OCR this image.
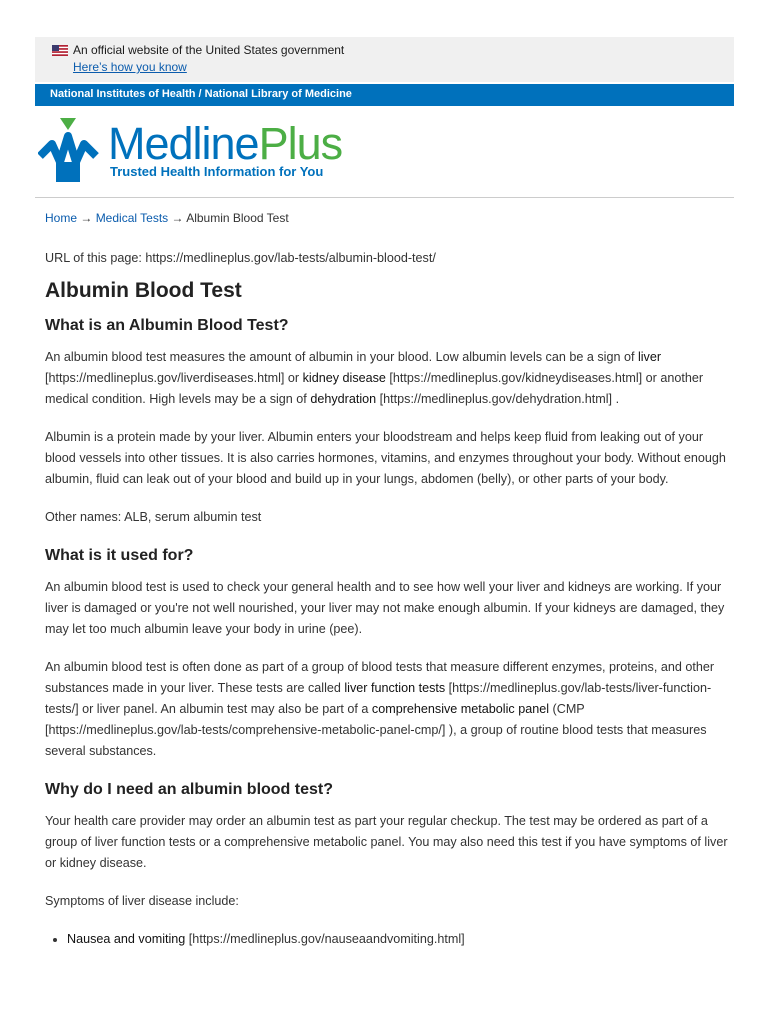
An official website of the United States government
Here’s how you know
National Institutes of Health / National Library of Medicine
MedlinePlus
Trusted Health Information for You
Home → Medical Tests → Albumin Blood Test

URL of this page: https://medlineplus.gov/lab-tests/albumin-blood-test/

Albumin Blood Test
What is an Albumin Blood Test?

An albumin blood test measures the amount of albumin in your blood. Low albumin levels can be a sign of liver [https://medlineplus.gov/liverdiseases.html] or kidney disease [https://medlineplus.gov/kidneydiseases.html] or another medical condition. High levels may be a sign of dehydration [https://medlineplus.gov/dehydration.html] .

Albumin is a protein made by your liver. Albumin enters your bloodstream and helps keep fluid from leaking out of your blood vessels into other tissues. It is also carries hormones, vitamins, and enzymes throughout your body. Without enough albumin, fluid can leak out of your blood and build up in your lungs, abdomen (belly), or other parts of your body.

Other names: ALB, serum albumin test

What is it used for?

An albumin blood test is used to check your general health and to see how well your liver and kidneys are working. If your liver is damaged or you're not well nourished, your liver may not make enough albumin. If your kidneys are damaged, they may let too much albumin leave your body in urine (pee).

An albumin blood test is often done as part of a group of blood tests that measure different enzymes, proteins, and other substances made in your liver. These tests are called liver function tests [https://medlineplus.gov/lab-tests/liver-function-tests/] or liver panel. An albumin test may also be part of a comprehensive metabolic panel (CMP [https://medlineplus.gov/lab-tests/comprehensive-metabolic-panel-cmp/] ), a group of routine blood tests that measures several substances.

Why do I need an albumin blood test?

Your health care provider may order an albumin test as part your regular checkup. The test may be ordered as part of a group of liver function tests or a comprehensive metabolic panel. You may also need this test if you have symptoms of liver or kidney disease.

Symptoms of liver disease include:

• Nausea and vomiting [https://medlineplus.gov/nauseaandvomiting.html]
